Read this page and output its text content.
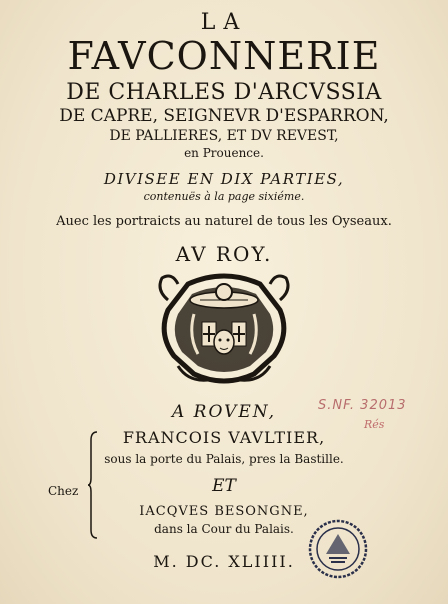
LA
FAVCONNERIE
DE CHARLES D'ARCVSSIA
DE CAPRE, SEIGNEVR D'ESPARRON,
DE PALLIERES, ET DV REVEST,
en Prouence.
DIVISEE EN DIX PARTIES,
contenuës à la page sixiéme.
Auec les portraicts au naturel de tous les Oyseaux.
AV ROY.
A ROVEN,
FRANCOIS VAVLTIER,
sous la porte du Palais, pres la Bastille.
ET
IACQVES BESONGNE,
dans la Cour du Palais.
M. DC. XLIIII.
Chez
S.NF. 32013
Rés
